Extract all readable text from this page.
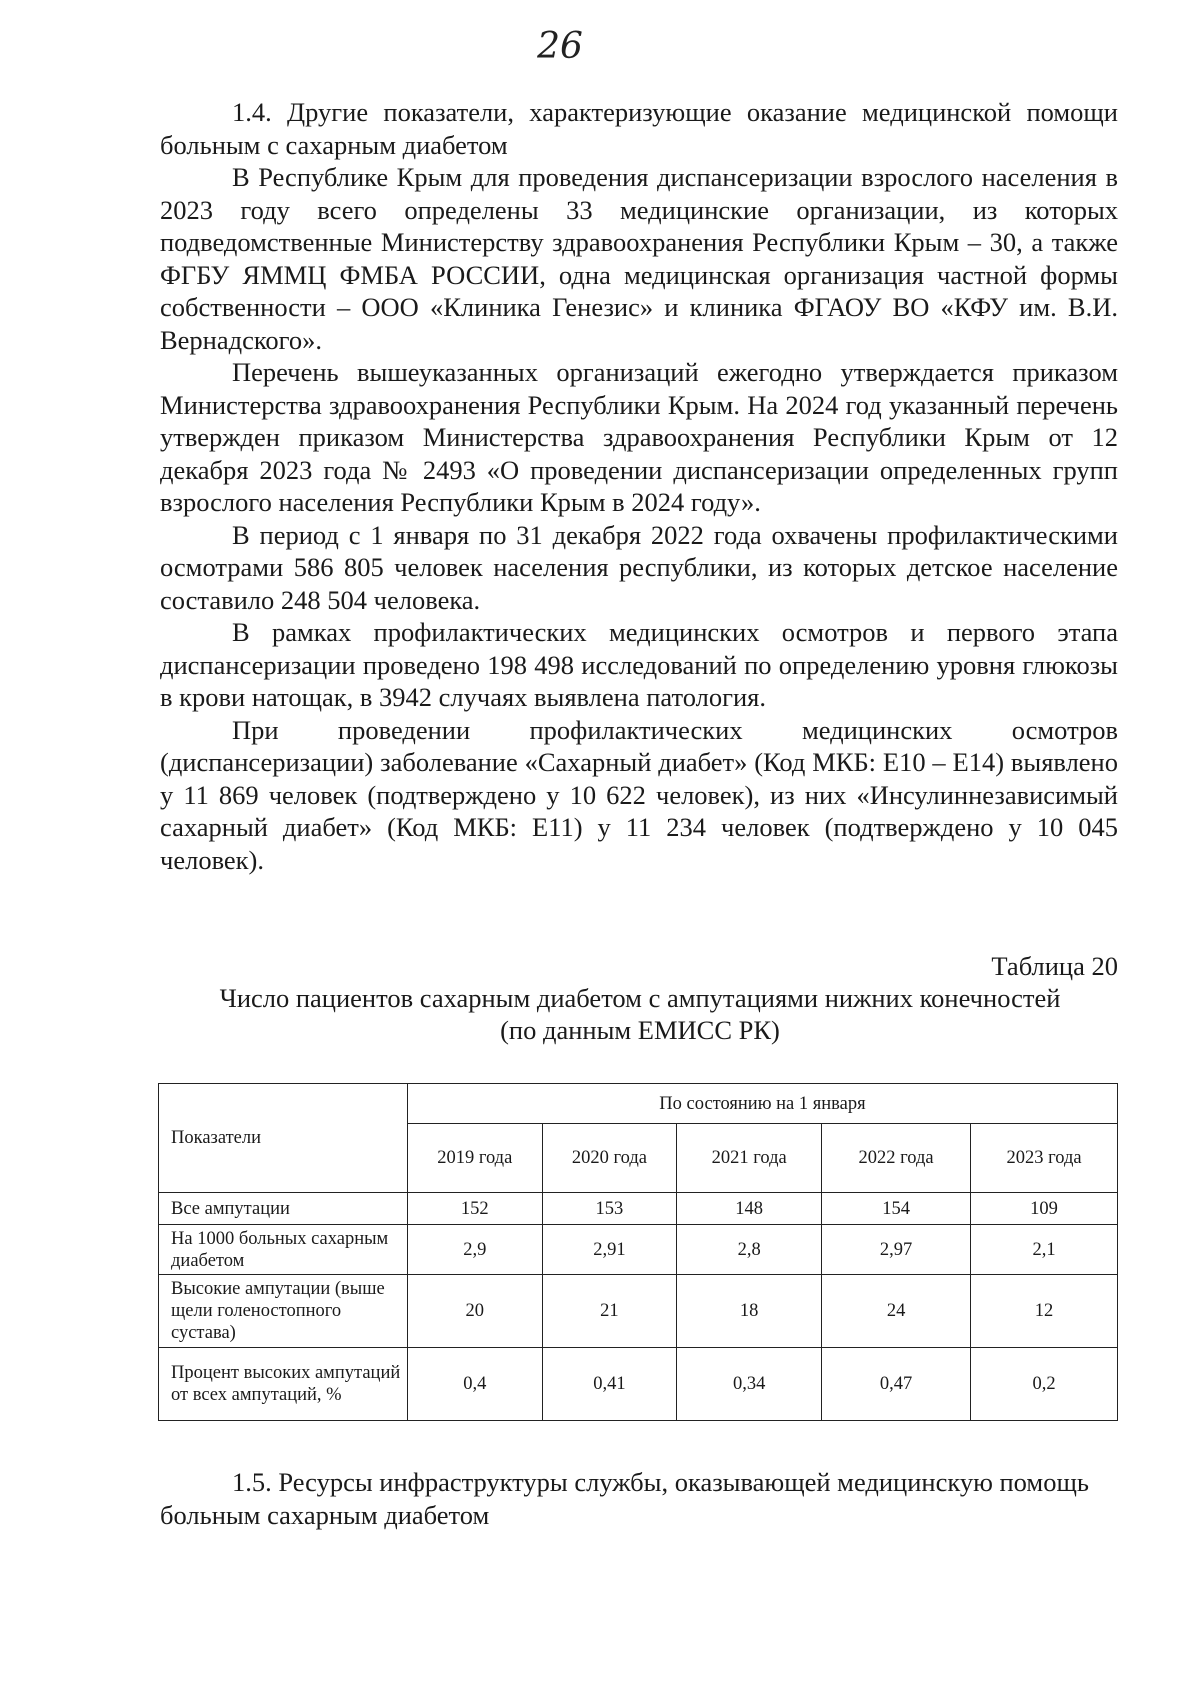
26

1.4. Другие показатели, характеризующие оказание медицинской помощи больным с сахарным диабетом

В Республике Крым для проведения диспансеризации взрослого населения в 2023 году всего определены 33 медицинские организации, из которых подведомственные Министерству здравоохранения Республики Крым – 30, а также ФГБУ ЯММЦ ФМБА РОССИИ, одна медицинская организация частной формы собственности – ООО «Клиника Генезис» и клиника ФГАОУ ВО «КФУ им. В.И. Вернадского».

Перечень вышеуказанных организаций ежегодно утверждается приказом Министерства здравоохранения Республики Крым. На 2024 год указанный перечень утвержден приказом Министерства здравоохранения Республики Крым от 12 декабря 2023 года № 2493 «О проведении диспансеризации определенных групп взрослого населения Республики Крым в 2024 году».

В период с 1 января по 31 декабря 2022 года охвачены профилактическими осмотрами 586 805 человек населения республики, из которых детское население составило 248 504 человека.

В рамках профилактических медицинских осмотров и первого этапа диспансеризации проведено 198 498 исследований по определению уровня глюкозы в крови натощак, в 3942 случаях выявлена патология.

При проведении профилактических медицинских осмотров (диспансеризации) заболевание «Сахарный диабет» (Код МКБ: Е10 – Е14) выявлено у 11 869 человек (подтверждено у 10 622 человек), из них «Инсулиннезависимый сахарный диабет» (Код МКБ: Е11) у 11 234 человек (подтверждено у 10 045 человек).

Таблица 20
Число пациентов сахарным диабетом с ампутациями нижних конечностей (по данным ЕМИСС РК)
Показатели	По состоянию на 1 января				
	2019 года	2020 года	2021 года	2022 года	2023 года
Все ампутации	152	153	148	154	109
На 1000 больных сахарным диабетом	2,9	2,91	2,8	2,97	2,1
Высокие ампутации (выше щели голеностопного сустава)	20	21	18	24	12
Процент высоких ампутаций от всех ампутаций, %	0,4	0,41	0,34	0,47	0,2

1.5. Ресурсы инфраструктуры службы, оказывающей медицинскую помощь больным сахарным диабетом
